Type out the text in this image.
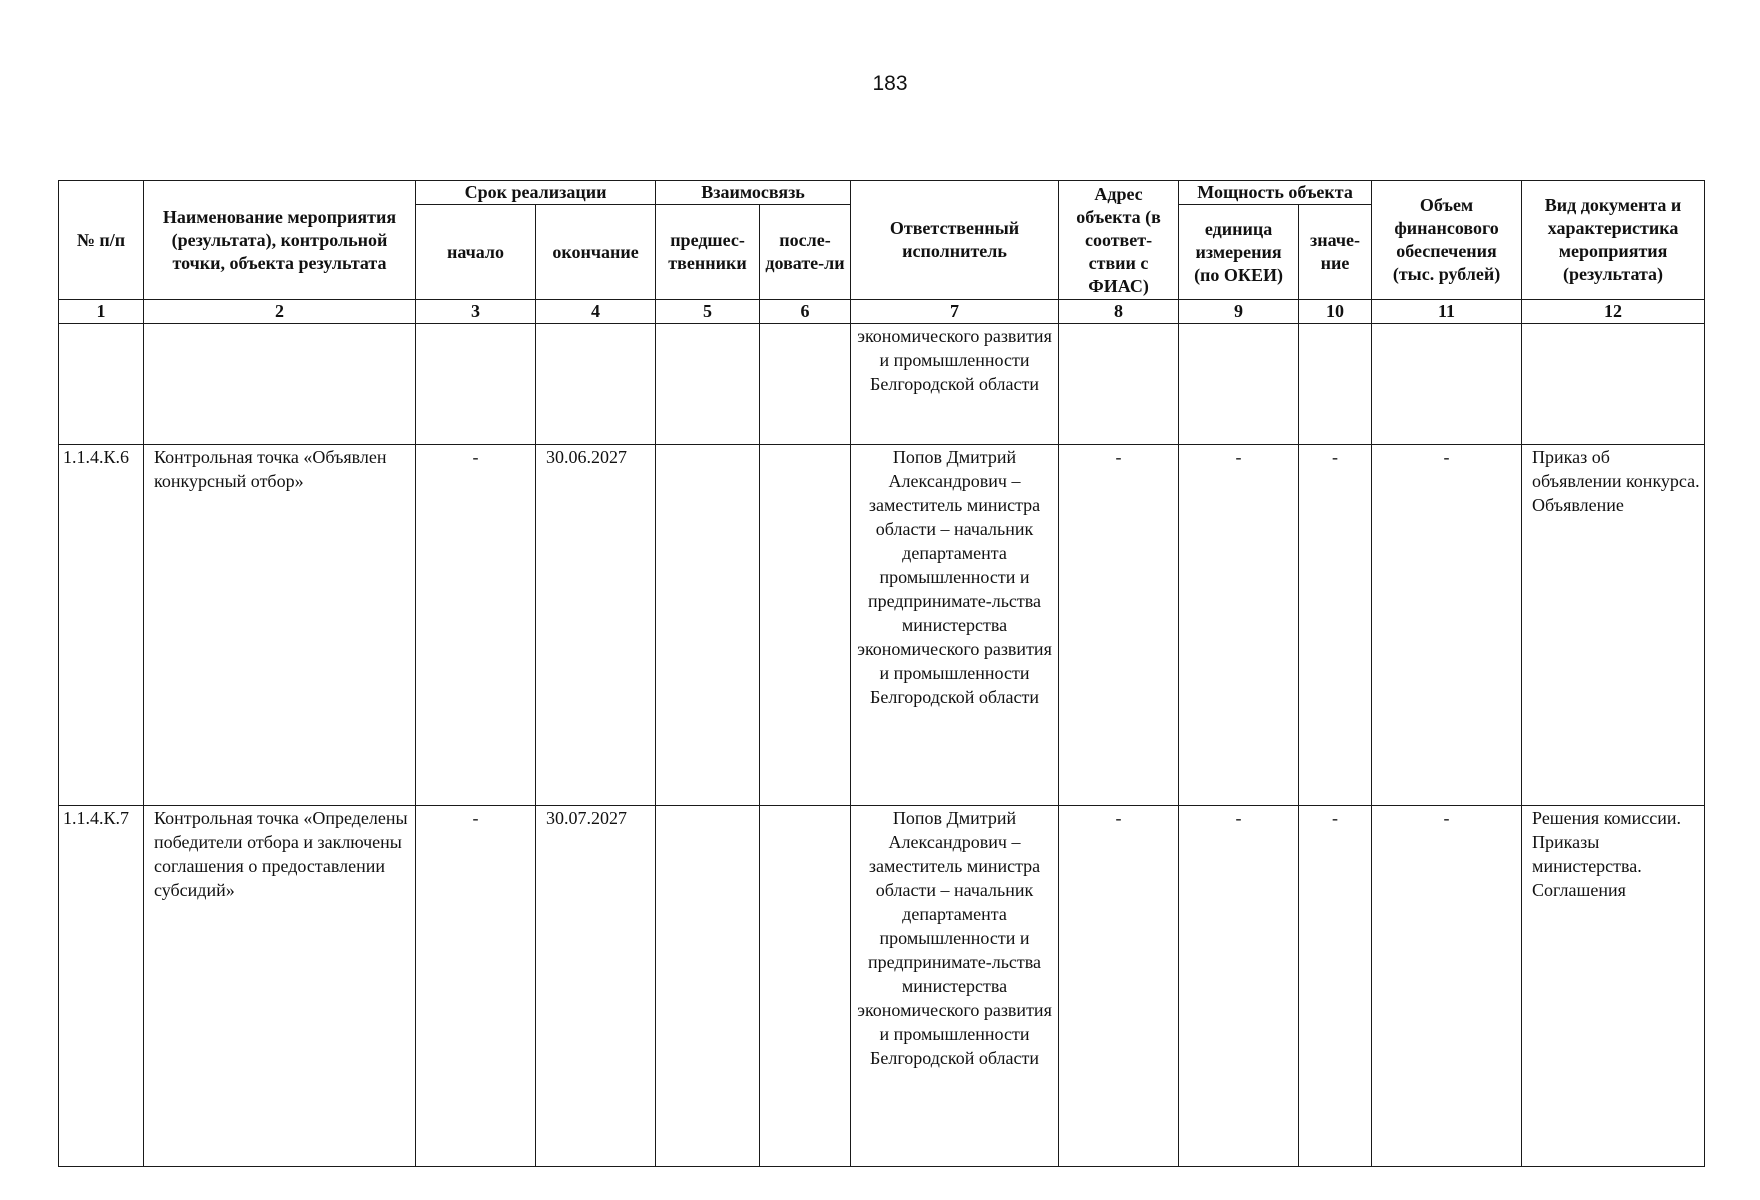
183
№ п/п	Наименование мероприятия (результата), контрольной точки, объекта результата	Срок реализации		Взаимосвязь		Ответственный исполнитель	Адрес объекта (в соответ-ствии с ФИАС)	Мощность объекта		Объем финансового обеспечения (тыс. рублей)	Вид документа и характеристика мероприятия (результата)
		начало	окончание	предшес-твенники	после-довате-ли			единица измерения (по ОКЕИ)	значе-ние		
1	2	3	4	5	6	7	8	9	10	11	12
						экономического развития и промышленности Белгородской области					
1.1.4.К.6	Контрольная точка «Объявлен конкурсный отбор»	-	30.06.2027			Попов Дмитрий Александрович – заместитель министра области – начальник департамента промышленности и предпринимате-льства министерства экономического развития и промышленности Белгородской области	-	-	-	-	Приказ об объявлении конкурса. Объявление
1.1.4.К.7	Контрольная точка «Определены победители отбора и заключены соглашения о предоставлении субсидий»	-	30.07.2027			Попов Дмитрий Александрович – заместитель министра области – начальник департамента промышленности и предпринимате-льства министерства экономического развития и промышленности Белгородской области	-	-	-	-	Решения комиссии. Приказы министерства. Соглашения
